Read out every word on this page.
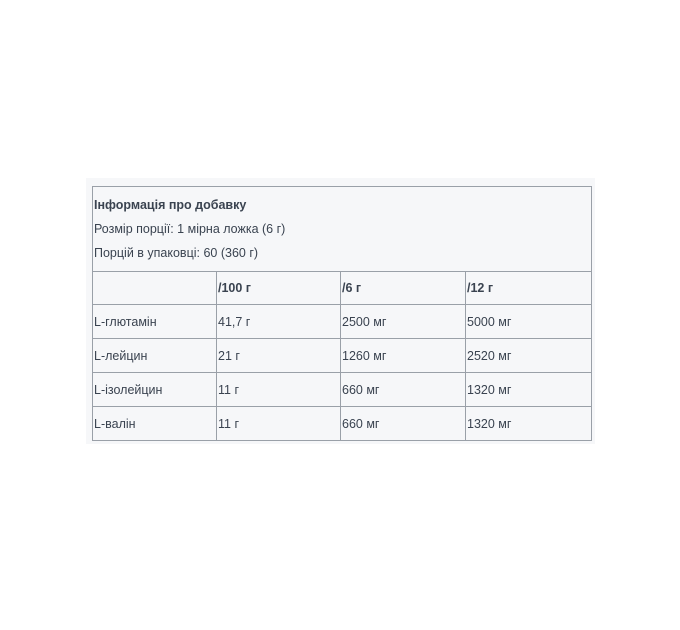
Інформація про добавку
Розмір порції: 1 мірна ложка (6 г)
Порцій в упаковці: 60 (360 г)			

	/100 г	/6 г	/12 г
L-глютамін	41,7 г	2500 мг	5000 мг
L-лейцин	21 г	1260 мг	2520 мг
L-ізолейцин	11 г	660 мг	1320 мг
L-валін	11 г	660 мг	1320 мг
